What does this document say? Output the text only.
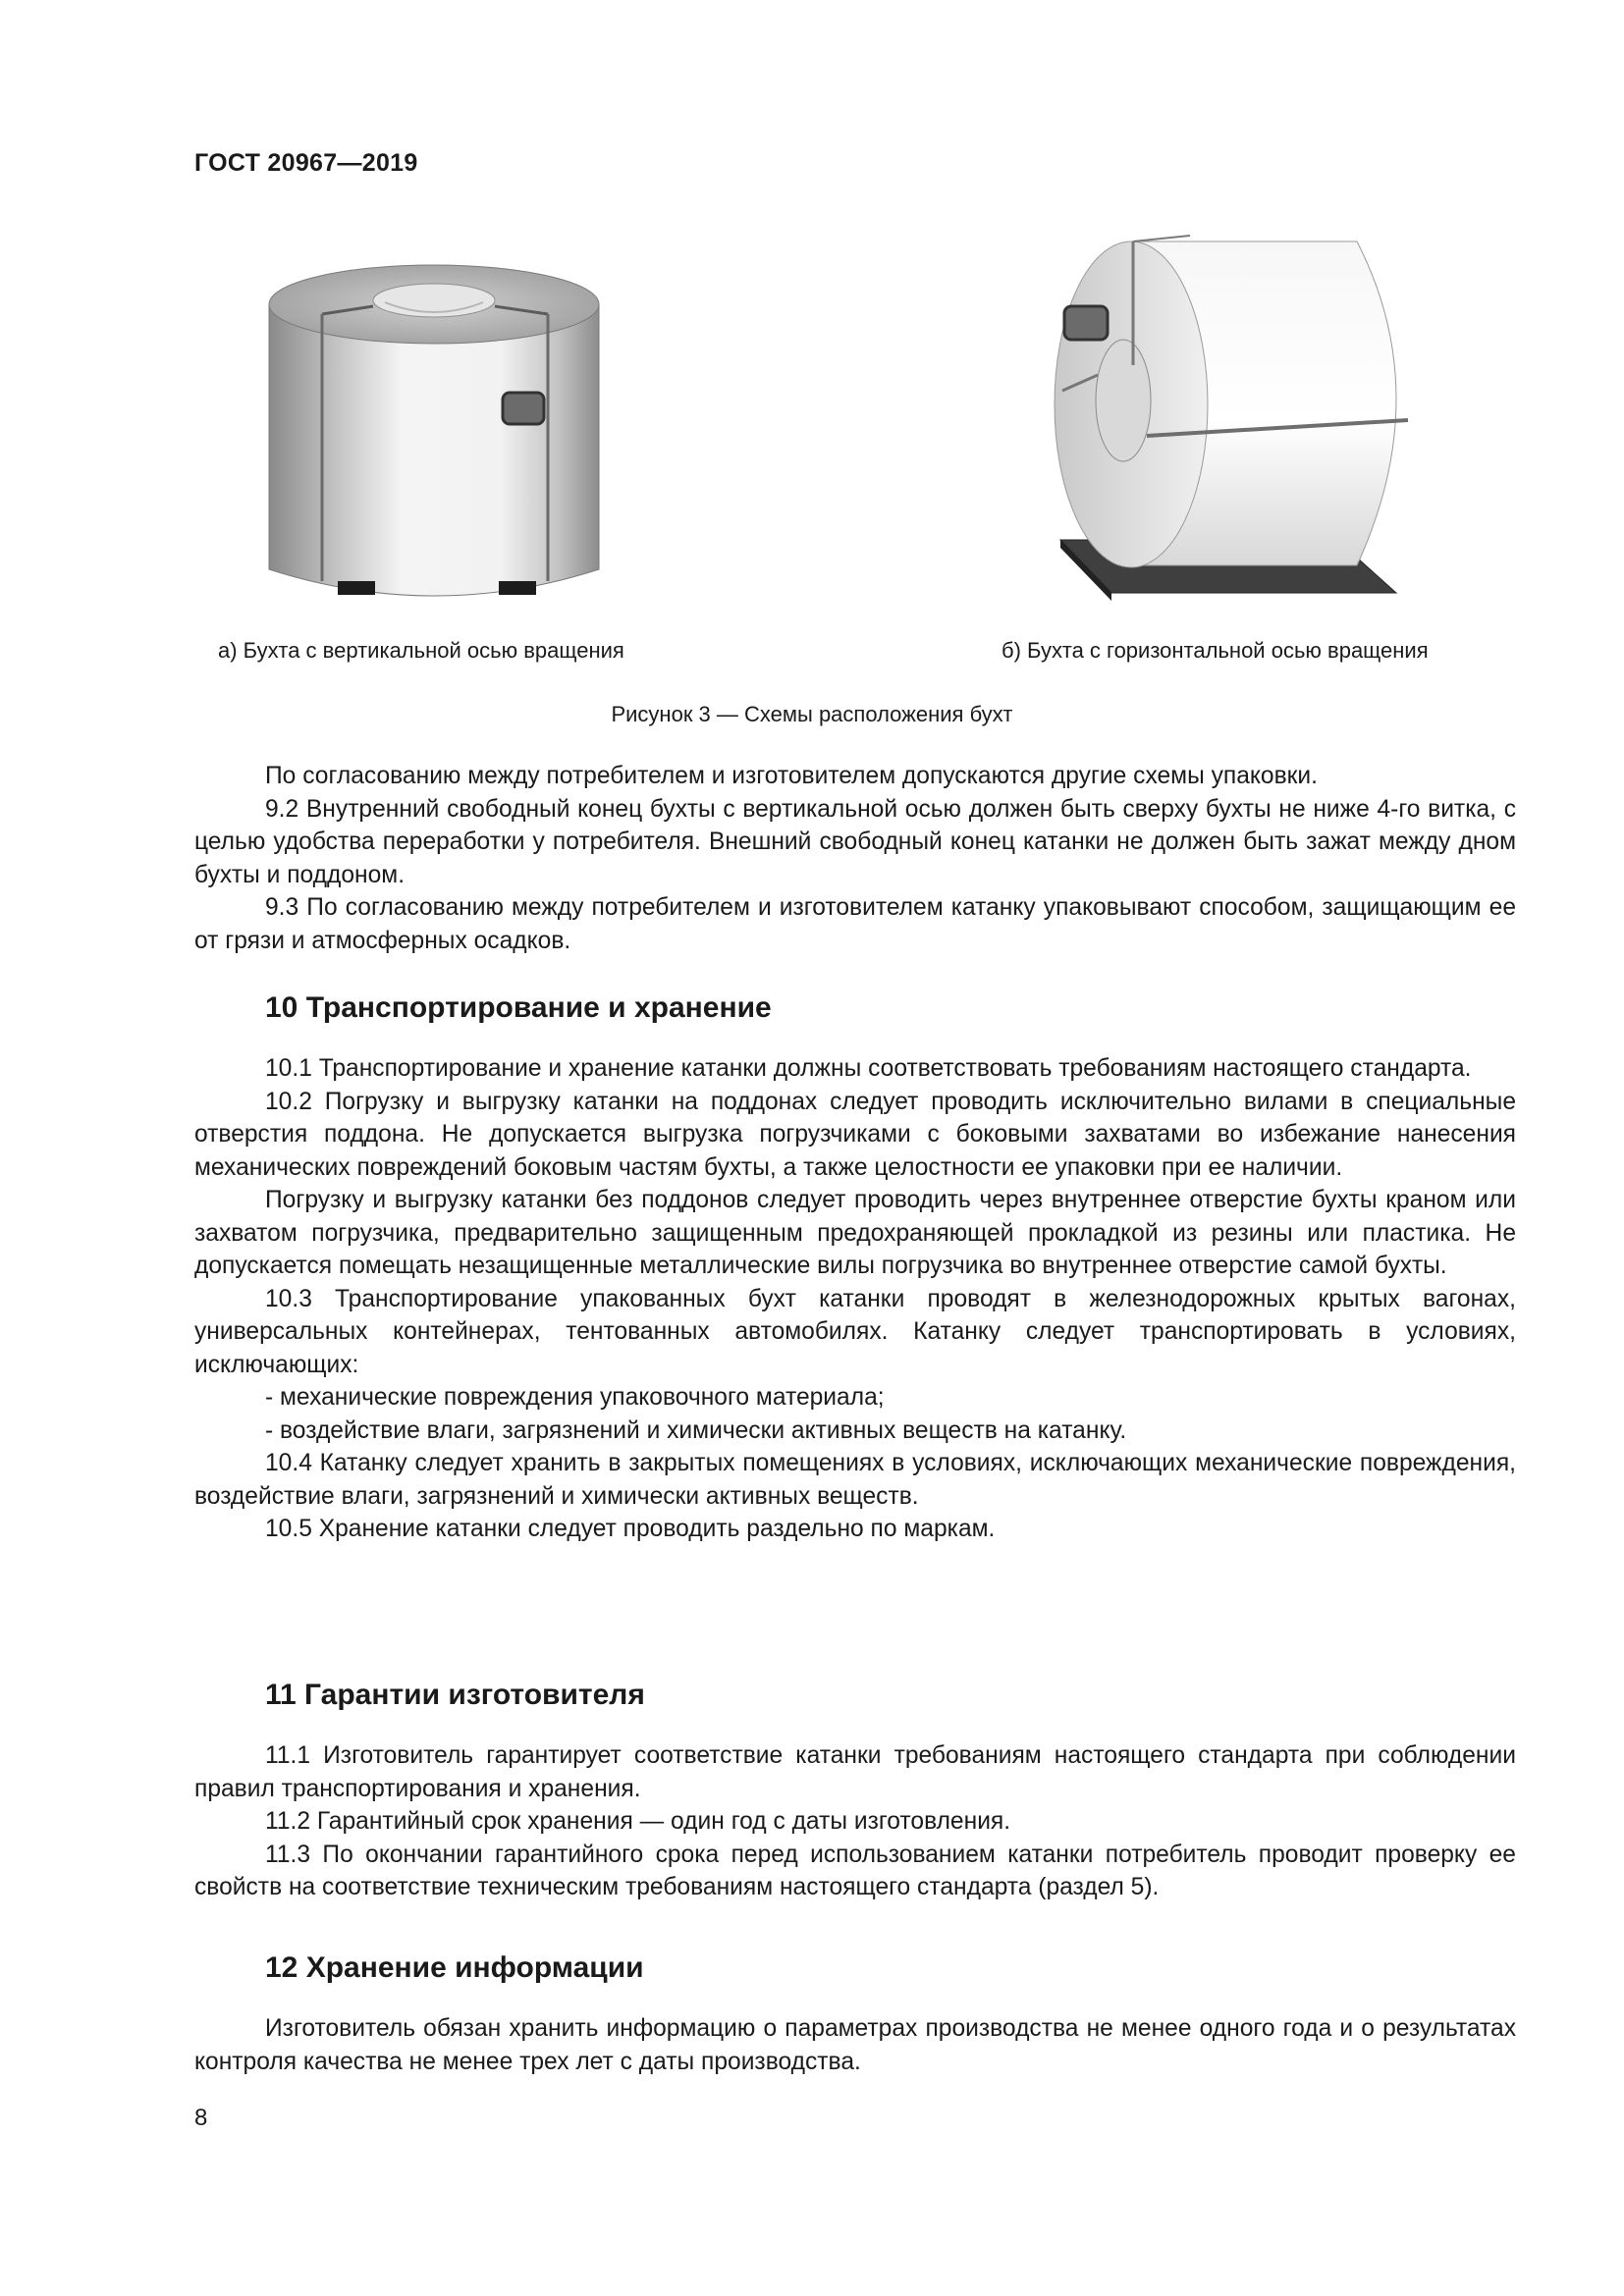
ГОСТ 20967—2019
а) Бухта с вертикальной осью вращения	б) Бухта с горизонтальной осью вращения
Рисунок 3 — Схемы расположения бухт

По согласованию между потребителем и изготовителем допускаются другие схемы упаковки.

9.2 Внутренний свободный конец бухты с вертикальной осью должен быть сверху бухты не ниже 4-го витка, с целью удобства переработки у потребителя. Внешний свободный конец катанки не должен быть зажат между дном бухты и поддоном.

9.3 По согласованию между потребителем и изготовителем катанку упаковывают способом, защищающим ее от грязи и атмосферных осадков.

10 Транспортирование и хранение

10.1 Транспортирование и хранение катанки должны соответствовать требованиям настоящего стандарта.

10.2 Погрузку и выгрузку катанки на поддонах следует проводить исключительно вилами в специальные отверстия поддона. Не допускается выгрузка погрузчиками с боковыми захватами во избежание нанесения механических повреждений боковым частям бухты, а также целостности ее упаковки при ее наличии.

Погрузку и выгрузку катанки без поддонов следует проводить через внутреннее отверстие бухты краном или захватом погрузчика, предварительно защищенным предохраняющей прокладкой из резины или пластика. Не допускается помещать незащищенные металлические вилы погрузчика во внутреннее отверстие самой бухты.

10.3 Транспортирование упакованных бухт катанки проводят в железнодорожных крытых вагонах, универсальных контейнерах, тентованных автомобилях. Катанку следует транспортировать в условиях, исключающих:

- механические повреждения упаковочного материала;

- воздействие влаги, загрязнений и химически активных веществ на катанку.

10.4 Катанку следует хранить в закрытых помещениях в условиях, исключающих механические повреждения, воздействие влаги, загрязнений и химически активных веществ.

10.5 Хранение катанки следует проводить раздельно по маркам.

11 Гарантии изготовителя

11.1 Изготовитель гарантирует соответствие катанки требованиям настоящего стандарта при соблюдении правил транспортирования и хранения.

11.2 Гарантийный срок хранения — один год с даты изготовления.

11.3 По окончании гарантийного срока перед использованием катанки потребитель проводит проверку ее свойств на соответствие техническим требованиям настоящего стандарта (раздел 5).

12 Хранение информации

Изготовитель обязан хранить информацию о параметрах производства не менее одного года и о результатах контроля качества не менее трех лет с даты производства.

8
